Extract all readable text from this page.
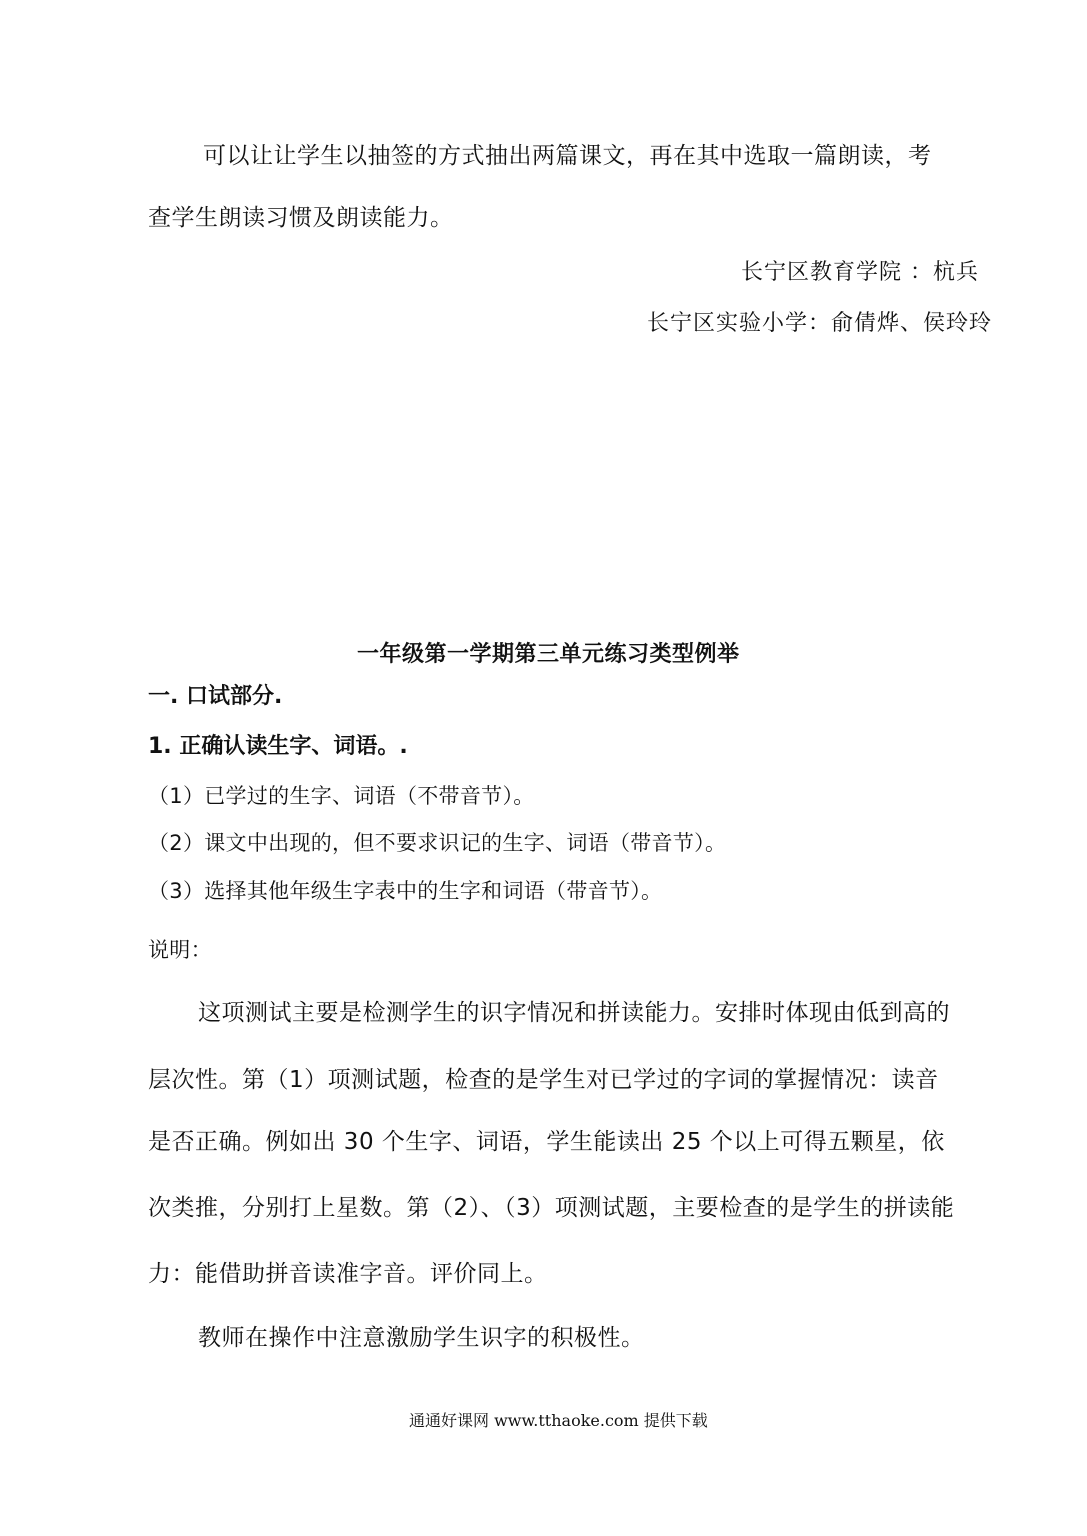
可以让让学生以抽签的方式抽出两篇课文，再在其中选取一篇朗读，考
查学生朗读习惯及朗读能力。
长宁区教育学院 ：杭兵
长宁区实验小学：俞倩烨、侯玲玲
一年级第一学期第三单元练习类型例举
一. 口试部分.
1. 正确认读生字、词语。.
（1）已学过的生字、词语（不带音节）。
（2）课文中出现的，但不要求识记的生字、词语（带音节）。
（3）选择其他年级生字表中的生字和词语（带音节）。
说明：
这项测试主要是检测学生的识字情况和拼读能力。安排时体现由低到高的
层次性。第（1）项测试题，检查的是学生对已学过的字词的掌握情况：读音
是否正确。例如出 30 个生字、词语，学生能读出 25 个以上可得五颗星，依
次类推，分别打上星数。第（2）、（3）项测试题，主要检查的是学生的拼读能
力：能借助拼音读准字音。评价同上。
教师在操作中注意激励学生识字的积极性。
通通好课网 www.tthaoke.com 提供下载
